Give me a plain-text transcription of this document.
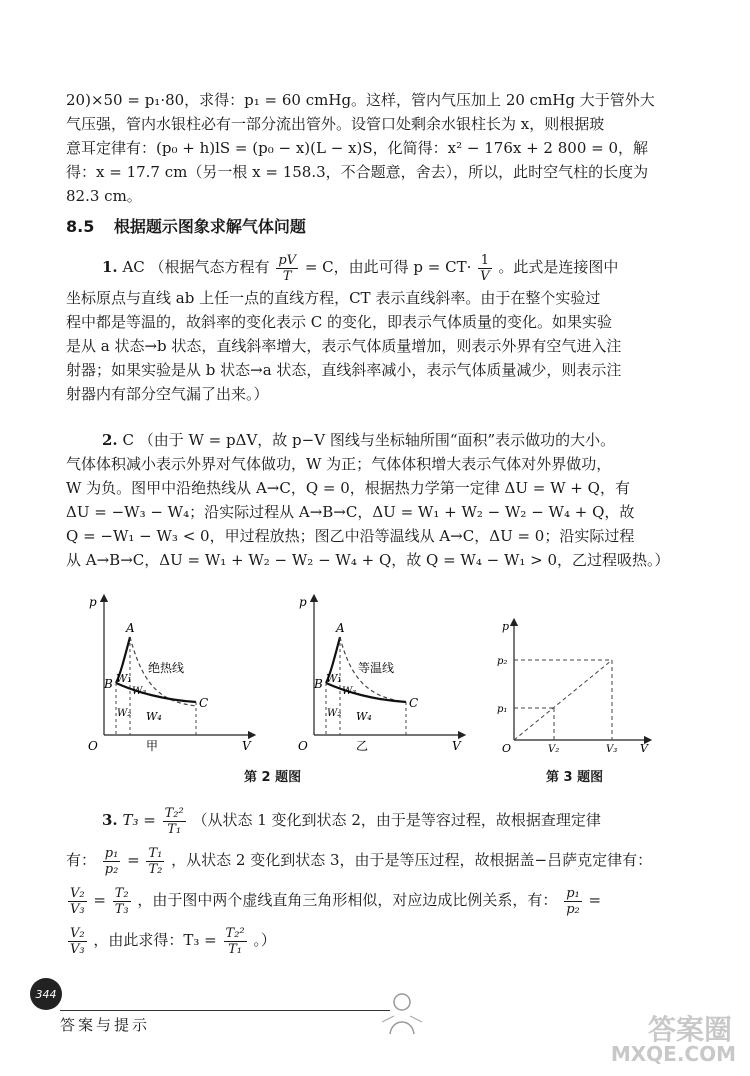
20)×50 = p₁·80，求得：p₁ = 60 cmHg。这样，管内气压加上 20 cmHg 大于管外大
气压强，管内水银柱必有一部分流出管外。设管口处剩余水银柱长为 x，则根据玻
意耳定律有：(p₀ + h)lS = (p₀ − x)(L − x)S，化简得：x² − 176x + 2 800 = 0，解
得：x = 17.7 cm（另一根 x = 158.3，不合题意，舍去），所以，此时空气柱的长度为
82.3 cm。
8.5 根据题示图象求解气体问题
1. AC （根据气态方程有 $\frac{pV}{T} = C$，由此可得 $p = CT\cdot \frac{1}{V}$ 。此式是连接图中
坐标原点与直线 ab 上任一点的直线方程，CT 表示直线斜率。由于在整个实验过
程中都是等温的，故斜率的变化表示 C 的变化，即表示气体质量的变化。如果实验
是从 a 状态→b 状态，直线斜率增大，表示气体质量增加，则表示外界有空气进入注
射器；如果实验是从 b 状态→a 状态，直线斜率减小，表示气体质量减少，则表示注
射器内有部分空气漏了出来。）
2. C （由于 W = pΔV，故 p−V 图线与坐标轴所围“面积”表示做功的大小。
气体体积减小表示外界对气体做功，W 为正；气体体积增大表示气体对外界做功，
W 为负。图甲中沿绝热线从 A→C，Q = 0，根据热力学第一定律 ΔU = W + Q，有
ΔU = −W₃ − W₄；沿实际过程从 A→B→C，ΔU = W₁ + W₂ − W₂ − W₄ + Q，故
Q = −W₁ − W₃ < 0，甲过程放热；图乙中沿等温线从 A→C，ΔU = 0；沿实际过程
从 A→B→C，ΔU = W₁ + W₂ − W₂ − W₄ + Q，故 Q = W₄ − W₁ > 0，乙过程吸热。）
p
V
O
A
B
C
W₁
W₂
W₃
W₄
绝热线
甲
p
V
O
A
B
C
W₁
W₂
W₃
W₄
等温线
乙
p
V
O
p₂
p₁
V₂	V₃
第 2 题图	第 3 题图
3. $T_3 = \frac{\text{T₂²}}{\text{T₁}}$ （从状态 1 变化到状态 2，由于是等容过程，故根据查理定律
有： $\frac{\text{p₁}}{\text{p₂}} = \frac{\text{T₁}}{\text{T₂}}$ ，从状态 2 变化到状态 3，由于是等压过程，故根据盖−吕萨克定律有：
$\frac{\text{V₂}}{\text{V₃}} = \frac{\text{T₂}}{\text{T₃}}$ ，由于图中两个虚线直角三角形相似，对应边成比例关系，有： $\frac{\text{p₁}}{\text{p₂}}$ =
$\frac{\text{V₂}}{\text{V₃}}$ ，由此求得：$T_3 = \frac{\text{T₂²}}{\text{T₁}}$ 。）
344
答案与提示	答案圈
MXQE.COM
